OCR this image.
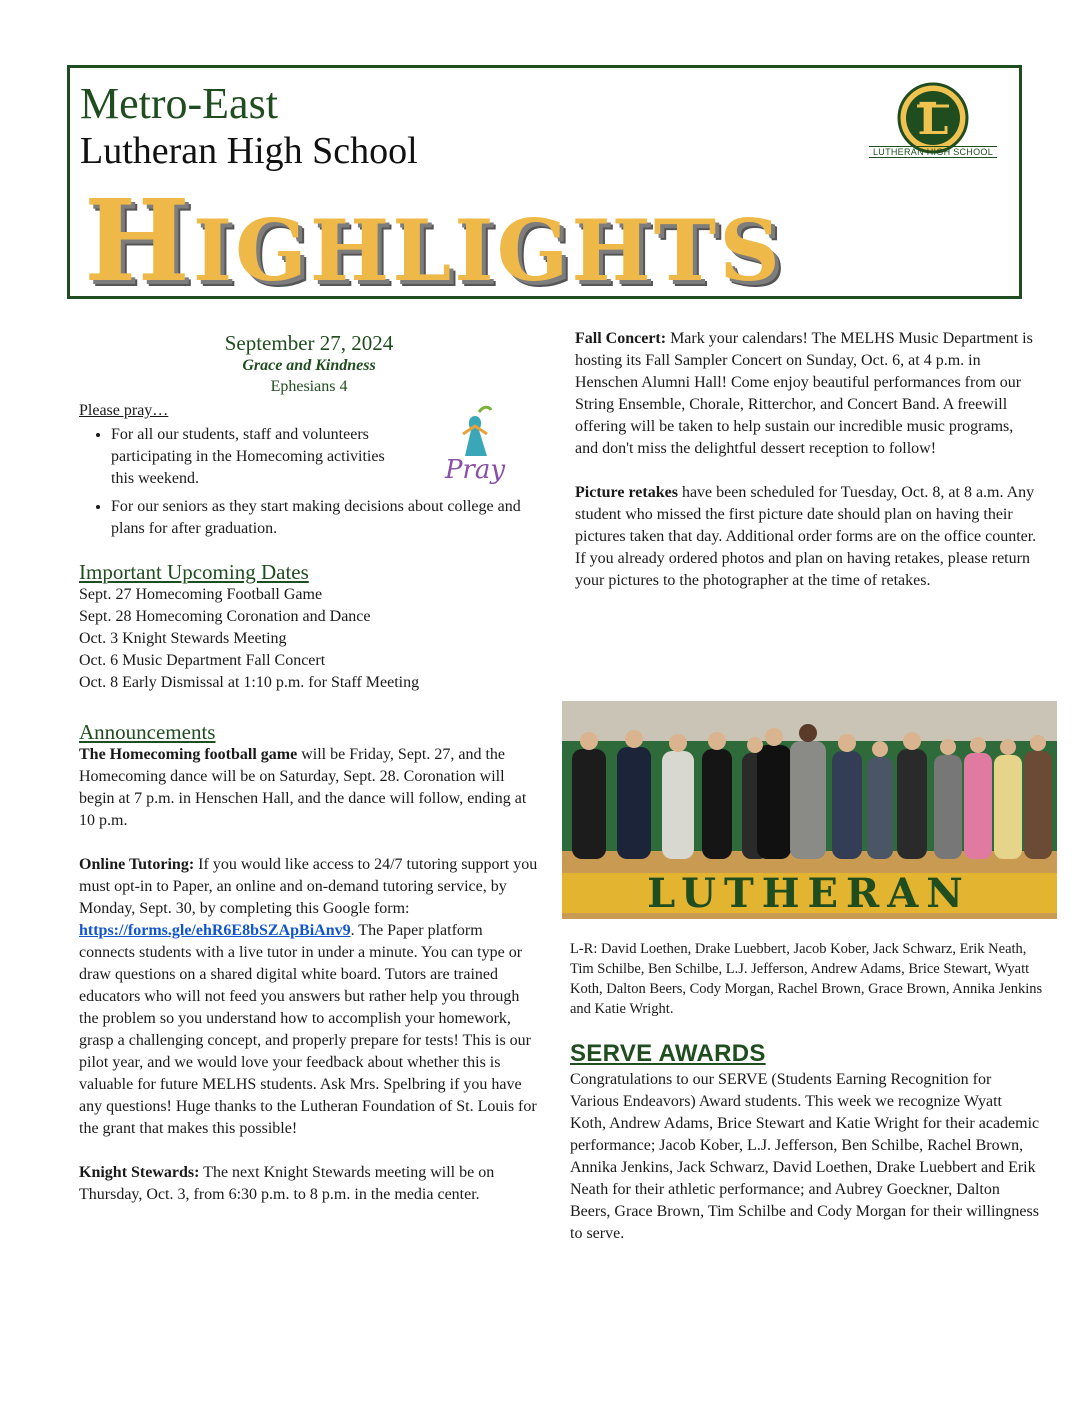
Metro-East
Lutheran High School
HIGHLIGHTS
L
LUTHERAN HIGH SCHOOL
September 27, 2024
Grace and Kindness
Ephesians 4
Please pray…
• For all our students, staff and volunteers participating in the Homecoming activities this weekend.
• For our seniors as they start making decisions about college and plans for after graduation.
Pray
Important Upcoming Dates
Sept. 27 Homecoming Football Game
Sept. 28 Homecoming Coronation and Dance
Oct. 3 Knight Stewards Meeting
Oct. 6 Music Department Fall Concert
Oct. 8 Early Dismissal at 1:10 p.m. for Staff Meeting
Announcements

The Homecoming football game will be Friday, Sept. 27, and the Homecoming dance will be on Saturday, Sept. 28. Coronation will begin at 7 p.m. in Henschen Hall, and the dance will follow, ending at 10 p.m.

Online Tutoring: If you would like access to 24/7 tutoring support you must opt-in to Paper, an online and on-demand tutoring service, by Monday, Sept. 30, by completing this Google form: https://forms.gle/ehR6E8bSZApBiAnv9. The Paper platform connects students with a live tutor in under a minute. You can type or draw questions on a shared digital white board. Tutors are trained educators who will not feed you answers but rather help you through the problem so you understand how to accomplish your homework, grasp a challenging concept, and properly prepare for tests! This is our pilot year, and we would love your feedback about whether this is valuable for future MELHS students. Ask Mrs. Spelbring if you have any questions! Huge thanks to the Lutheran Foundation of St. Louis for the grant that makes this possible!

Knight Stewards: The next Knight Stewards meeting will be on Thursday, Oct. 3, from 6:30 p.m. to 8 p.m. in the media center.

Fall Concert: Mark your calendars! The MELHS Music Department is hosting its Fall Sampler Concert on Sunday, Oct. 6, at 4 p.m. in Henschen Alumni Hall! Come enjoy beautiful performances from our String Ensemble, Chorale, Ritterchor, and Concert Band. A freewill offering will be taken to help sustain our incredible music programs, and don't miss the delightful dessert reception to follow!

Picture retakes have been scheduled for Tuesday, Oct. 8, at 8 a.m. Any student who missed the first picture date should plan on having their pictures taken that day. Additional order forms are on the office counter. If you already ordered photos and plan on having retakes, please return your pictures to the photographer at the time of retakes.

LUTHERAN
L-R: David Loethen, Drake Luebbert, Jacob Kober, Jack Schwarz, Erik Neath, Tim Schilbe, Ben Schilbe, L.J. Jefferson, Andrew Adams, Brice Stewart, Wyatt Koth, Dalton Beers, Cody Morgan, Rachel Brown, Grace Brown, Annika Jenkins and Katie Wright.
SERVE AWARDS
Congratulations to our SERVE (Students Earning Recognition for Various Endeavors) Award students. This week we recognize Wyatt Koth, Andrew Adams, Brice Stewart and Katie Wright for their academic performance; Jacob Kober, L.J. Jefferson, Ben Schilbe, Rachel Brown, Annika Jenkins, Jack Schwarz, David Loethen, Drake Luebbert and Erik Neath for their athletic performance; and Aubrey Goeckner, Dalton Beers, Grace Brown, Tim Schilbe and Cody Morgan for their willingness to serve.
